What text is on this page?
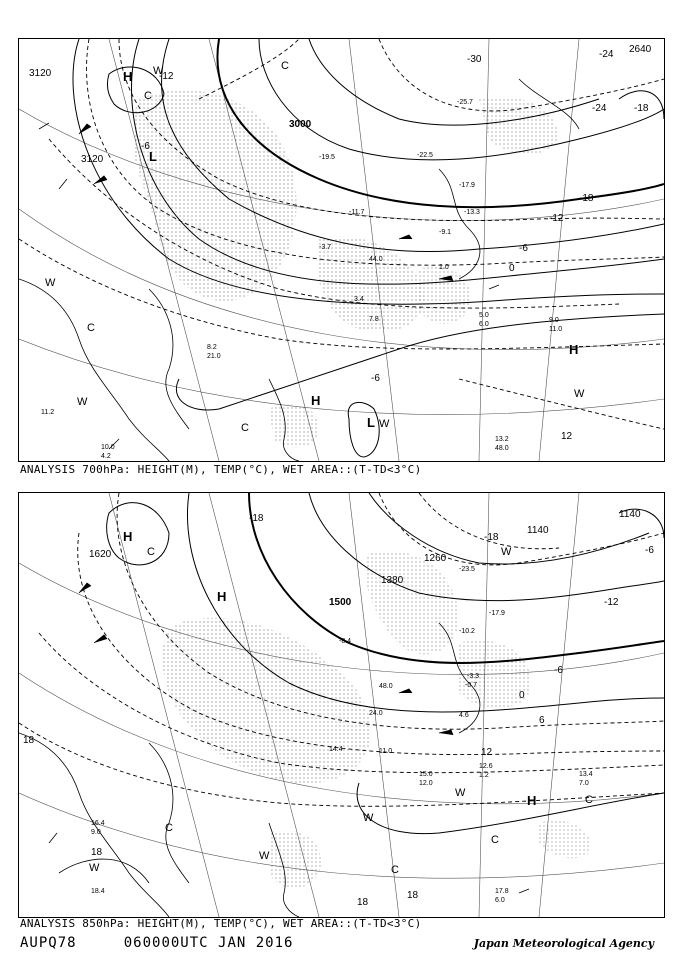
3120
3120
3000
2640
-30	-24
-24	-18
-18
-12
12
-6
0
-6
-12
-6
H
C
L
C
H
W
W
C
H
L W
C
W
W
-25.7
-22.5
-17.9
-13.3
-9.1
-3.7
1.0
3.4
7.8
11.0
13.2
48.0
10.0
4.2
11.2
8.2
21.0
5.0
9.0
6.0
-19.5
-11.7
44.0
ANALYSIS 700hPa: HEIGHT(M), TEMP(°C), WET AREA::(T-TD<3°C)
1620
1500
1380
1260
1140
1140
-18
-18
-12
-6
0
6
12
18
18
18
18
-6
H
C
H
W
H	C
W
W
C
C
W
C
W
-23.5
-17.9
-10.2
-3.3
-0.7
4.6
12.0
15.0
12.6
1.2	13.4
7.0
14.4
17.8
6.0
16.4
9.0
11.0
18.4
24.0
-8.4
48.0
ANALYSIS 850hPa: HEIGHT(M), TEMP(°C), WET AREA::(T-TD<3°C)
AUPQ78	060000UTC JAN 2016	Japan Meteorological Agency
